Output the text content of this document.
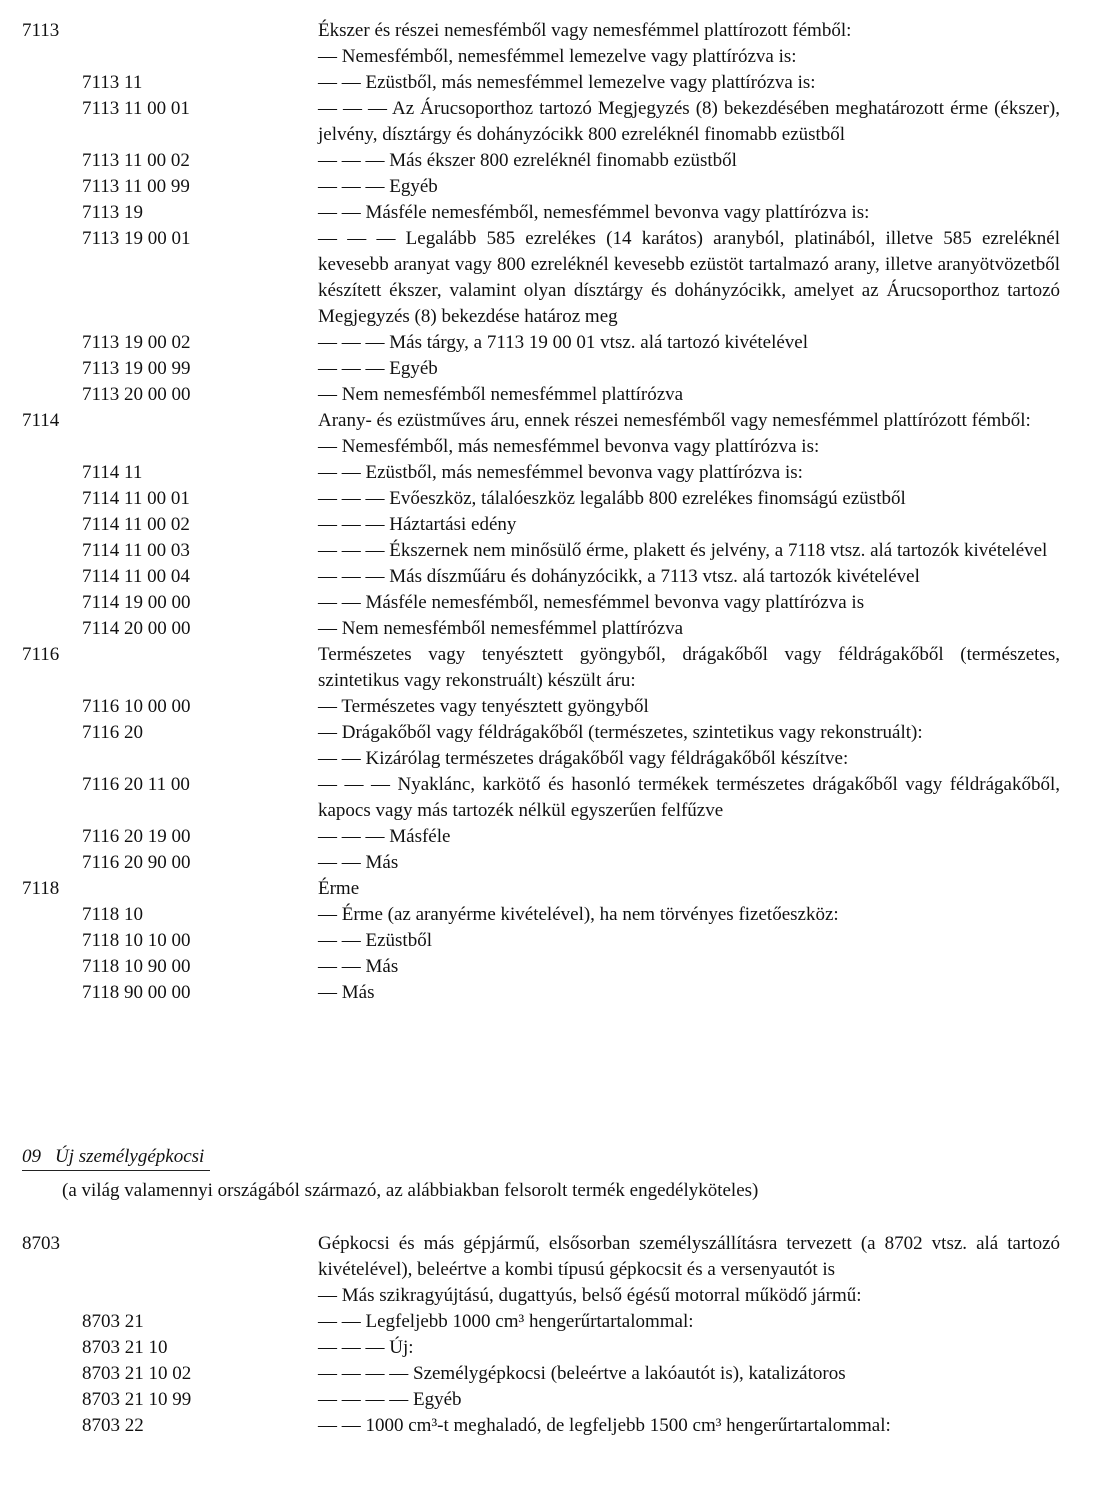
7113	Ékszer és részei nemesfémből vagy nemesfémmel plattírozott fémből:
— Nemesfémből, nemesfémmel lemezelve vagy plattírózva is:
7113 11	— — Ezüstből, más nemesfémmel lemezelve vagy plattírózva is:
7113 11 00 01	— — — Az Árucsoporthoz tartozó Megjegyzés (8) bekezdésében meghatározott érme (ékszer), jelvény, dísztárgy és dohányzócikk 800 ezreléknél finomabb ezüstből
7113 11 00 02	— — — Más ékszer 800 ezreléknél finomabb ezüstből
7113 11 00 99	— — — Egyéb
7113 19	— — Másféle nemesfémből, nemesfémmel bevonva vagy plattírózva is:
7113 19 00 01	— — — Legalább 585 ezrelékes (14 karátos) aranyból, platinából, illetve 585 ezreléknél kevesebb aranyat vagy 800 ezreléknél kevesebb ezüstöt tartalmazó arany, illetve aranyötvözetből készített ékszer, valamint olyan dísztárgy és dohányzócikk, amelyet az Árucsoporthoz tartozó Megjegyzés (8) bekezdése határoz meg
7113 19 00 02	— — — Más tárgy, a 7113 19 00 01 vtsz. alá tartozó kivételével
7113 19 00 99	— — — Egyéb
7113 20 00 00	— Nem nemesfémből nemesfémmel plattírózva
7114	Arany- és ezüstműves áru, ennek részei nemesfémből vagy nemesfémmel plattírózott fémből:
— Nemesfémből, más nemesfémmel bevonva vagy plattírózva is:
7114 11	— — Ezüstből, más nemesfémmel bevonva vagy plattírózva is:
7114 11 00 01	— — — Evőeszköz, tálalóeszköz legalább 800 ezrelékes finomságú ezüstből
7114 11 00 02	— — — Háztartási edény
7114 11 00 03	— — — Ékszernek nem minősülő érme, plakett és jelvény, a 7118 vtsz. alá tartozók kivételével
7114 11 00 04	— — — Más díszműáru és dohányzócikk, a 7113 vtsz. alá tartozók kivételével
7114 19 00 00	— — Másféle nemesfémből, nemesfémmel bevonva vagy plattírózva is
7114 20 00 00	— Nem nemesfémből nemesfémmel plattírózva
7116	Természetes vagy tenyésztett gyöngyből, drágakőből vagy féldrágakőből (természetes, szintetikus vagy rekonstruált) készült áru:
7116 10 00 00	— Természetes vagy tenyésztett gyöngyből
7116 20	— Drágakőből vagy féldrágakőből (természetes, szintetikus vagy rekonstruált):
— — Kizárólag természetes drágakőből vagy féldrágakőből készítve:
7116 20 11 00	— — — Nyaklánc, karkötő és hasonló termékek természetes drágakőből vagy féldrágakőből, kapocs vagy más tartozék nélkül egyszerűen felfűzve
7116 20 19 00	— — — Másféle
7116 20 90 00	— — Más
7118	Érme
7118 10	— Érme (az aranyérme kivételével), ha nem törvényes fizetőeszköz:
7118 10 10 00	— — Ezüstből
7118 10 90 00	— — Más
7118 90 00 00	— Más
09 Új személygépkocsi
(a világ valamennyi országából származó, az alábbiakban felsorolt termék engedélyköteles)
8703	Gépkocsi és más gépjármű, elsősorban személyszállításra tervezett (a 8702 vtsz. alá tartozó kivételével), beleértve a kombi típusú gépkocsit és a versenyautót is
— Más szikragyújtású, dugattyús, belső égésű motorral működő jármű:
8703 21	— — Legfeljebb 1000 cm³ hengerűrtartalommal:
8703 21 10	— — — Új:
8703 21 10 02	— — — — Személygépkocsi (beleértve a lakóautót is), katalizátoros
8703 21 10 99	— — — — Egyéb
8703 22	— — 1000 cm³-t meghaladó, de legfeljebb 1500 cm³ hengerűrtartalommal:
